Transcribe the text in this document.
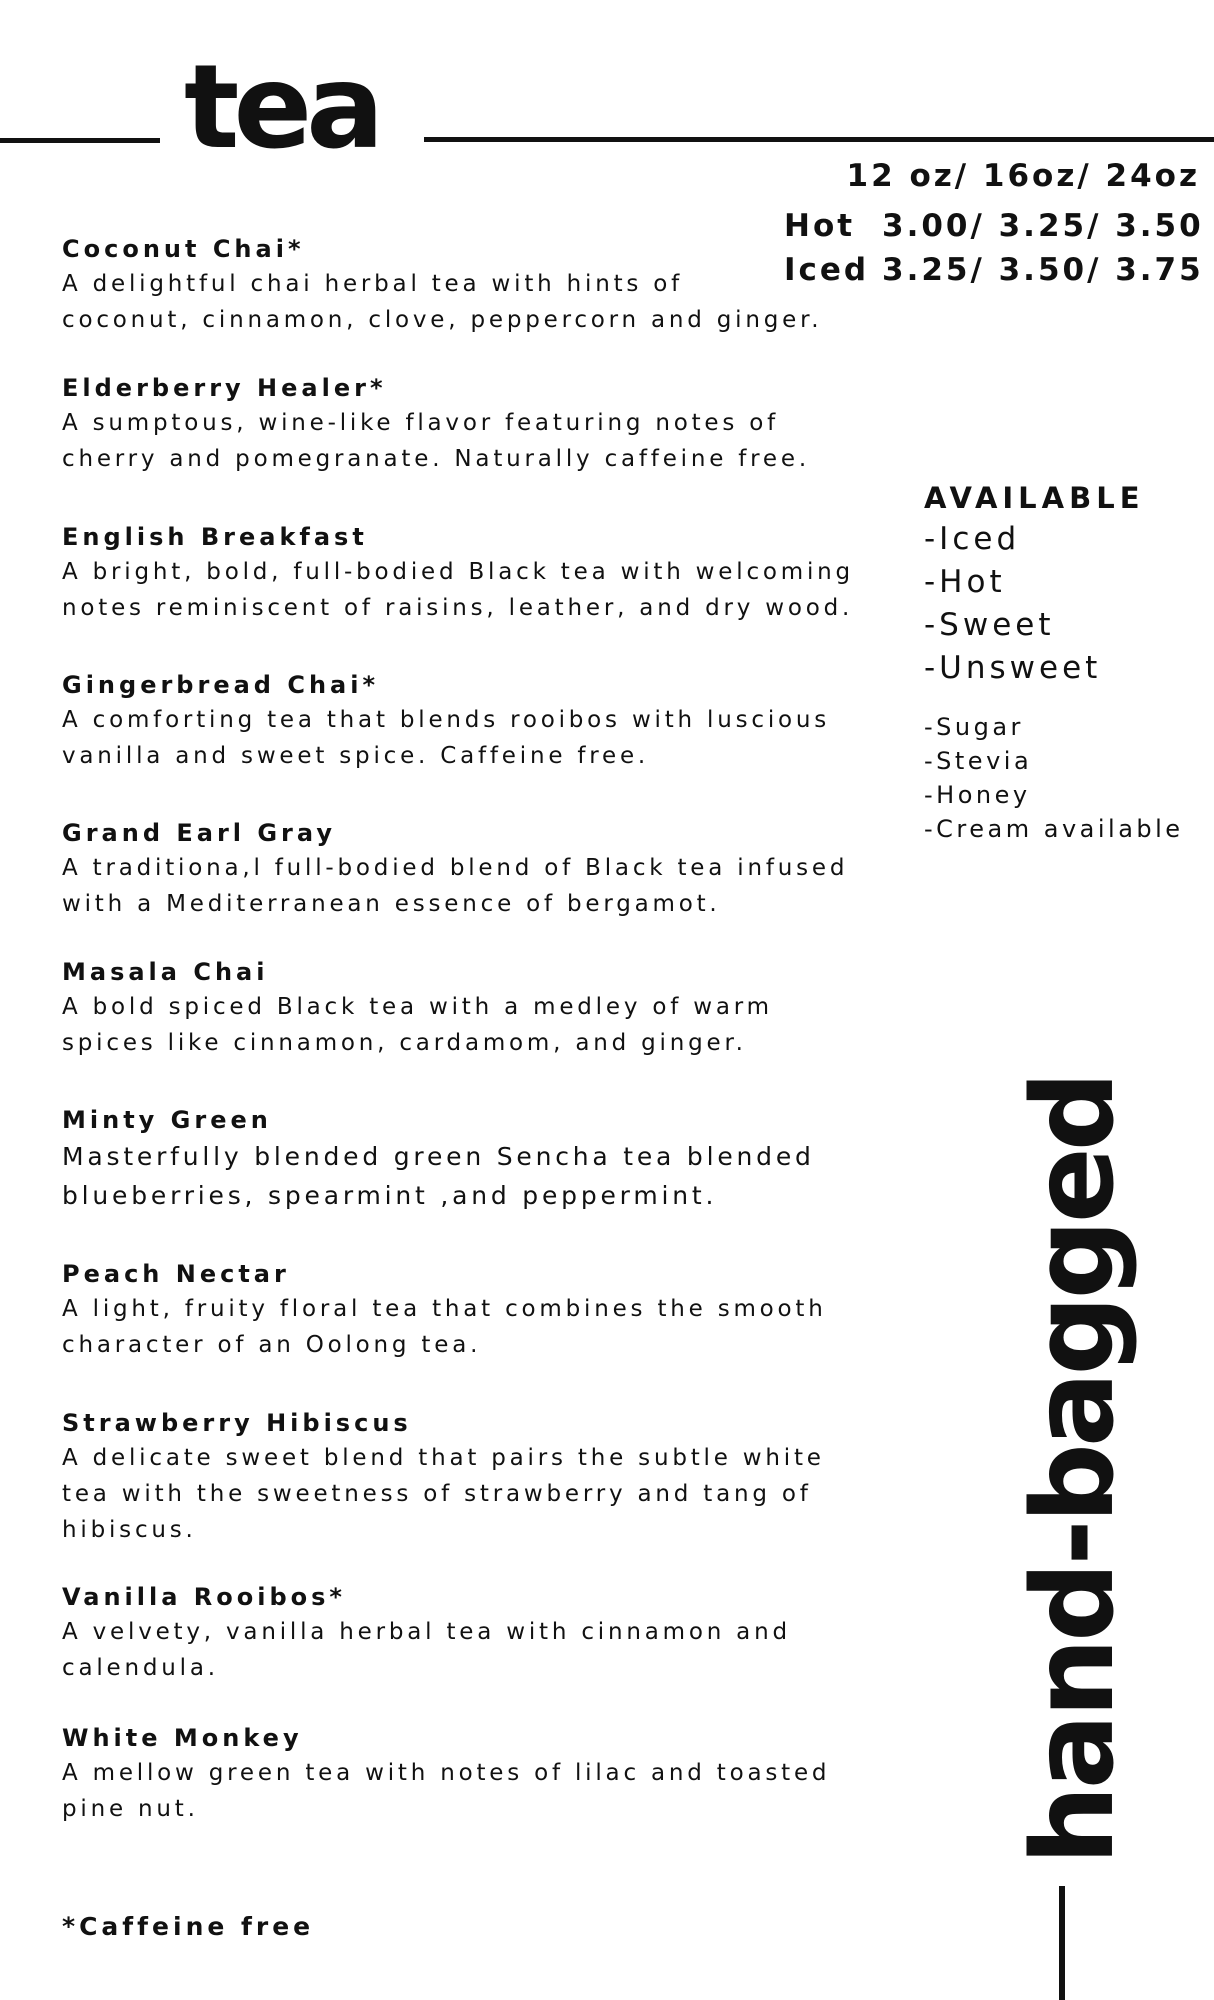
tea
12 oz/ 16oz/ 24oz
Hot 3.00/ 3.25/ 3.50
Iced 3.25/ 3.50/ 3.75
Coconut Chai*
A delightful chai herbal tea with hints of
coconut, cinnamon, clove, peppercorn and ginger.
Elderberry Healer*
A sumptous, wine-like flavor featuring notes of
cherry and pomegranate. Naturally caffeine free.
English Breakfast
A bright, bold, full-bodied Black tea with welcoming
notes reminiscent of raisins, leather, and dry wood.
Gingerbread Chai*
A comforting tea that blends rooibos with luscious
vanilla and sweet spice. Caffeine free.
Grand Earl Gray
A traditiona,l full-bodied blend of Black tea infused
with a Mediterranean essence of bergamot.
Masala Chai
A bold spiced Black tea with a medley of warm
spices like cinnamon, cardamom, and ginger.
Minty Green
Masterfully blended green Sencha tea blended
blueberries, spearmint ,and peppermint.
Peach Nectar
A light, fruity floral tea that combines the smooth
character of an Oolong tea.
Strawberry Hibiscus
A delicate sweet blend that pairs the subtle white
tea with the sweetness of strawberry and tang of
hibiscus.
Vanilla Rooibos*
A velvety, vanilla herbal tea with cinnamon and
calendula.
White Monkey
A mellow green tea with notes of lilac and toasted
pine nut.
AVAILABLE
-Iced
-Hot
-Sweet
-Unsweet
-Sugar
-Stevia
-Honey
-Cream available
hand-bagged
*Caffeine free
